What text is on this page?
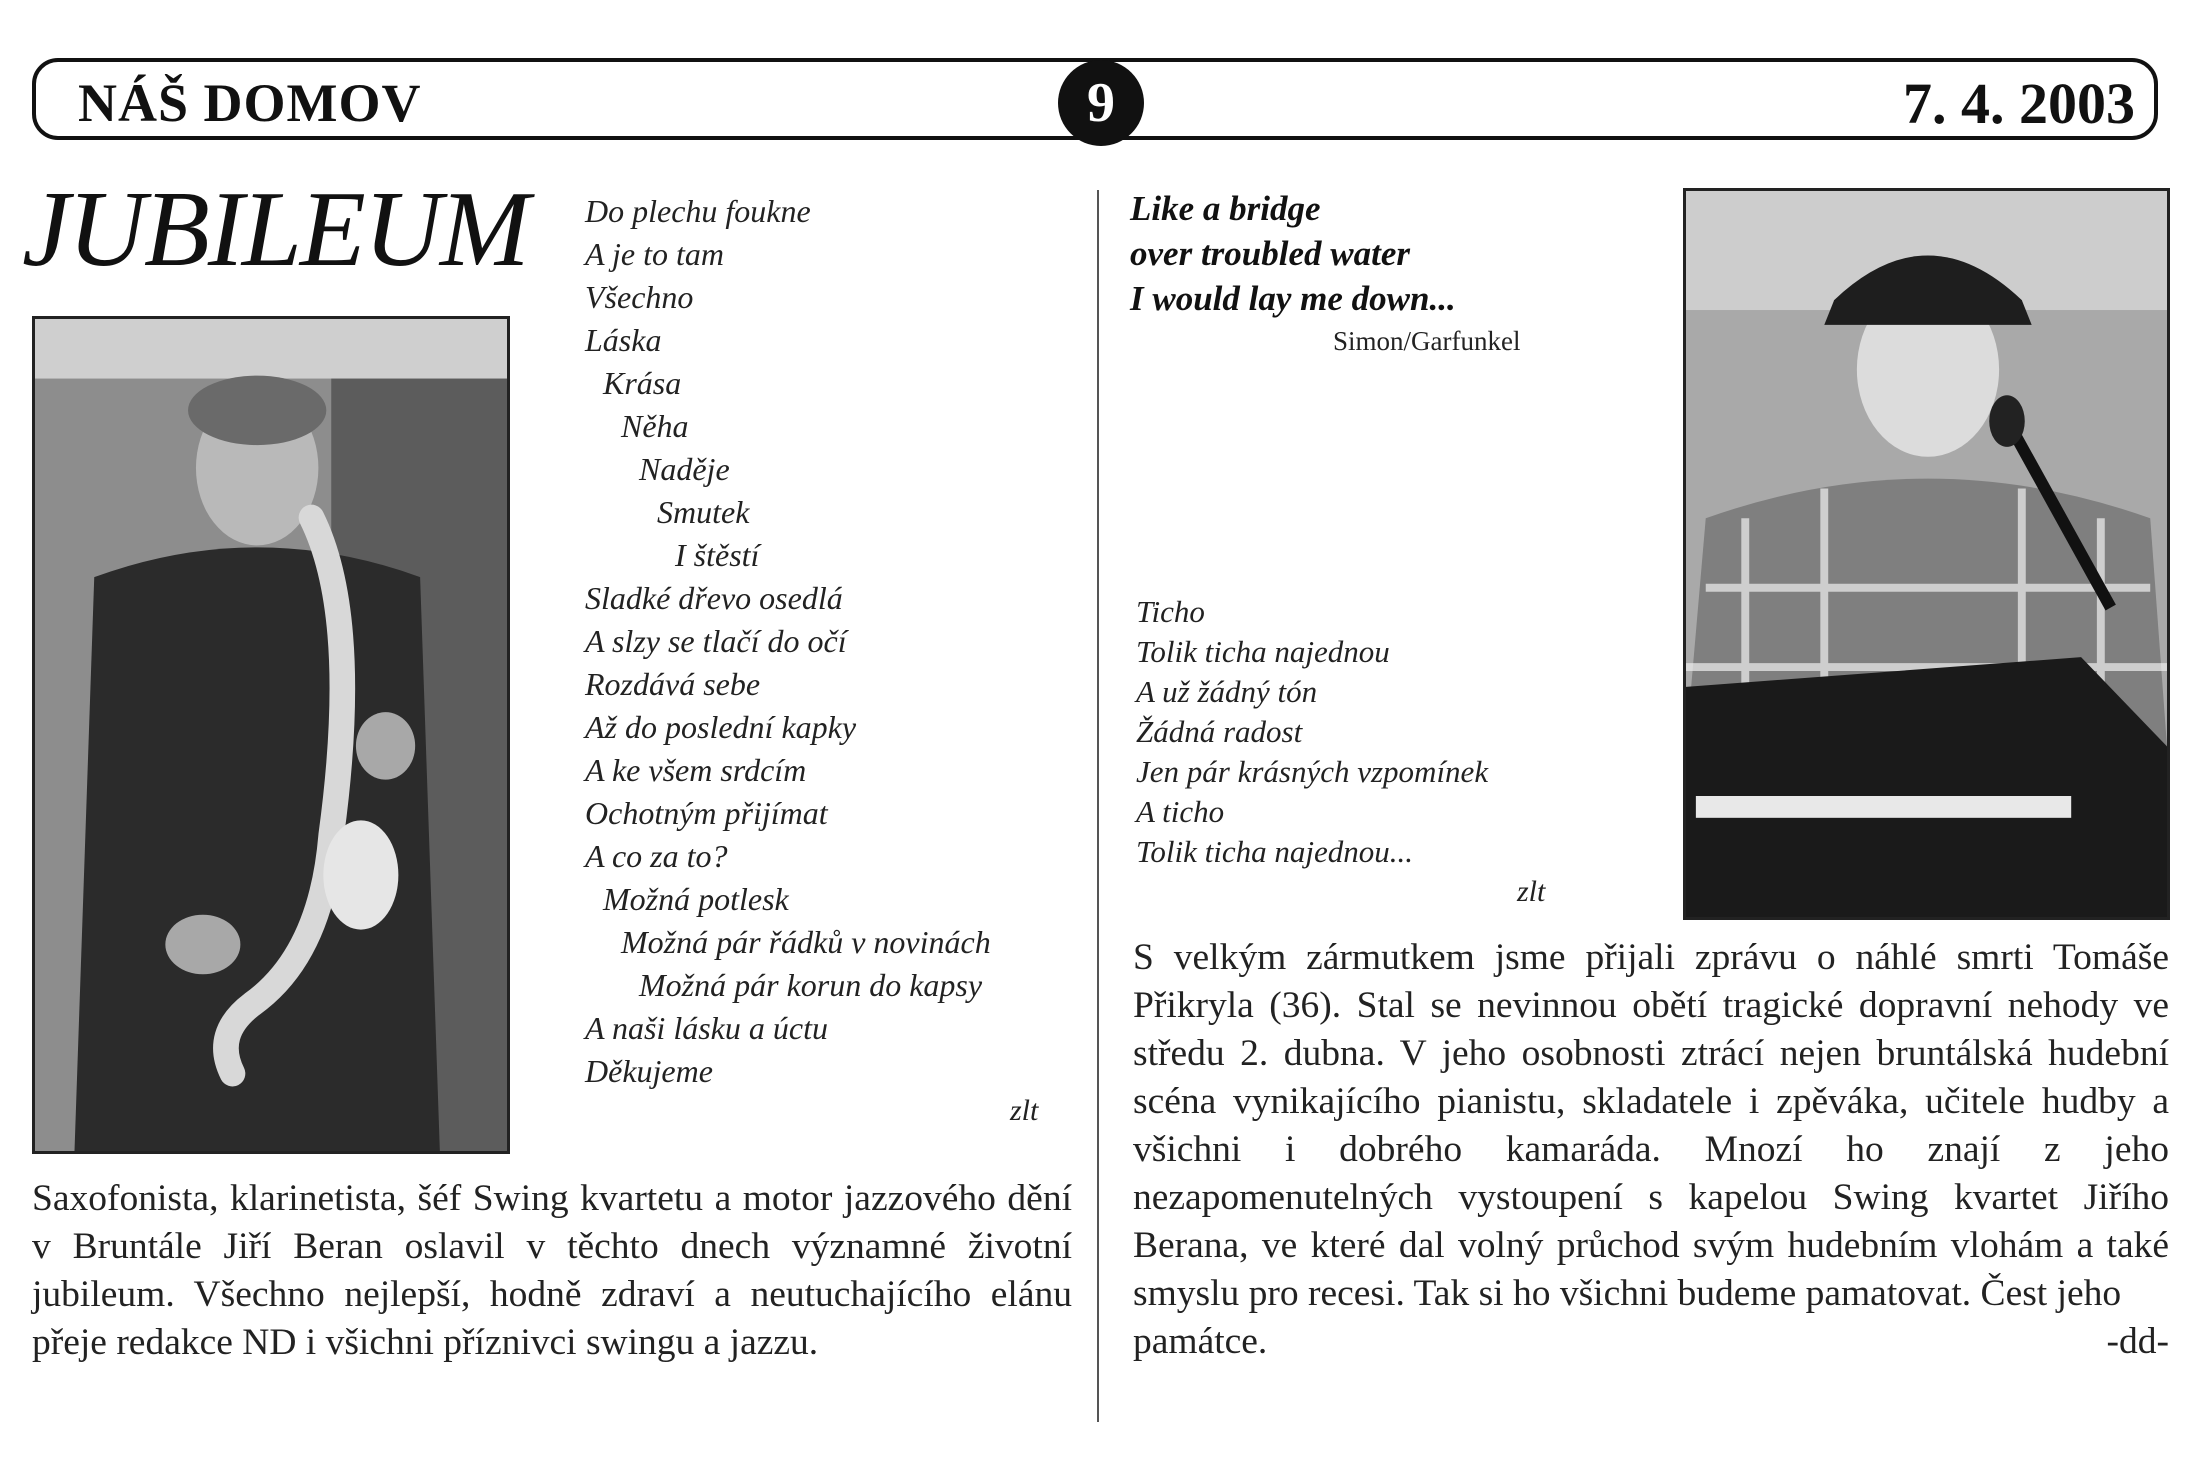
NÁŠ DOMOV	9	7. 4. 2003
JUBILEUM Do plechu foukne
A je to tam
Všechno
Láska
Krása
Něha
Naděje
Smutek
I štěstí
Sladké dřevo osedlá
A slzy se tlačí do očí
Rozdává sebe
Až do poslední kapky
A ke všem srdcím
Ochotným přijímat
A co za to?
Možná potlesk
Možná pár řádků v novinách
Možná pár korun do kapsy
A naši lásku a úctu
Děkujeme
zlt
Saxofonista, klarinetista, šéf Swing kvartetu a motor jazzového dění v Bruntále Jiří Beran oslavil v těchto dnech významné životní jubileum. Všechno nejlepší, hodně zdraví a neutuchajícího elánu přeje redakce ND i všichni příznivci swingu a jazzu.
Like a bridge
over troubled water
I would lay me down...
Simon/Garfunkel
Ticho
Tolik ticha najednou
A už žádný tón
Žádná radost
Jen pár krásných vzpomínek
A ticho
Tolik ticha najednou...
zlt
S velkým zármutkem jsme přijali zprávu o náhlé smrti Tomáše Přikryla (36). Stal se nevinnou obětí tragické dopravní nehody ve středu 2. dubna. V jeho osobnosti ztrácí nejen bruntálská hudební scéna vynikajícího pianistu, skladatele i zpěváka, učitele hudby a všichni i dobrého kamaráda. Mnozí ho znají z jeho nezapomenutelných vystoupení s kapelou Swing kvartet Jiřího Berana, ve které dal volný průchod svým hudebním vlohám a také smyslu pro recesi. Tak si ho všichni budeme pamatovat. Čest jeho
památce.	-dd-
